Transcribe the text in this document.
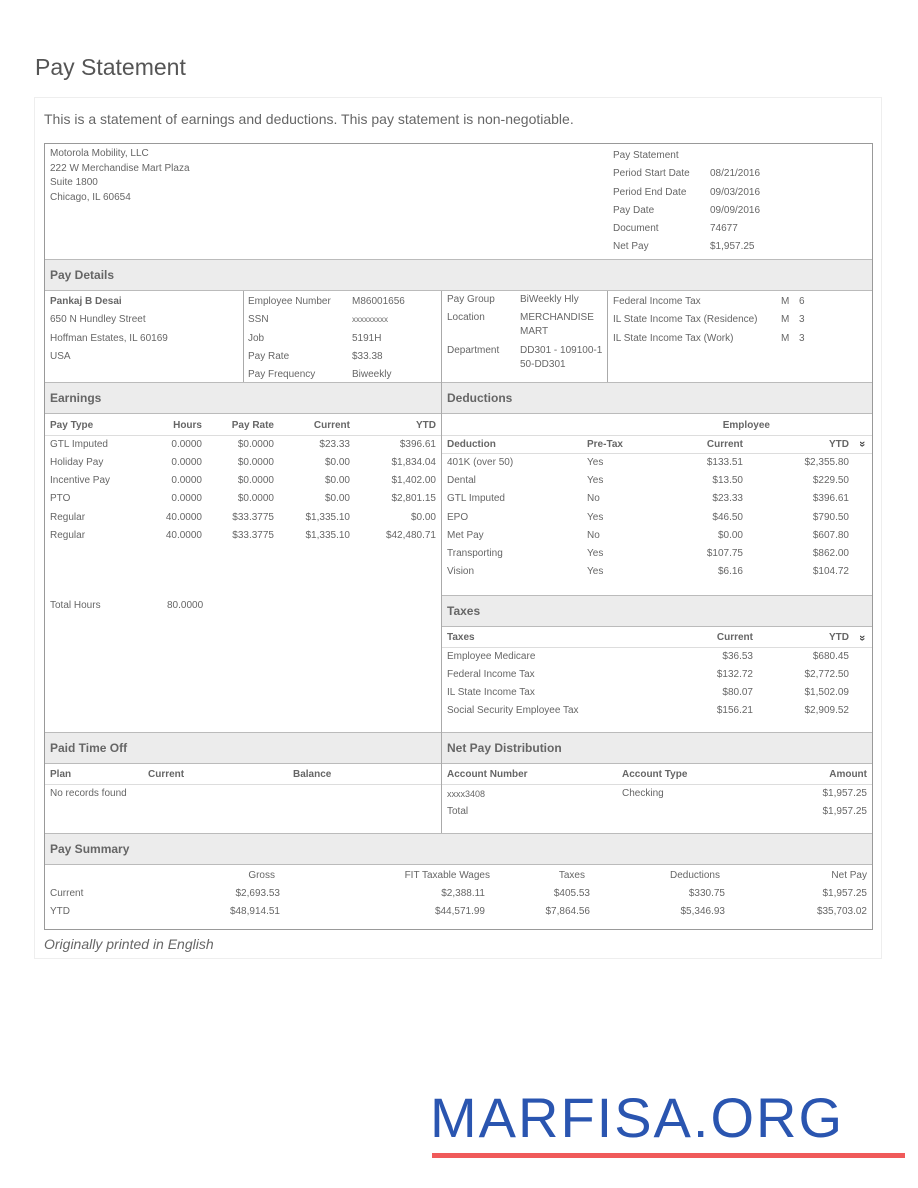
Pay Statement
This is a statement of earnings and deductions. This pay statement is non-negotiable.
Motorola Mobility, LLC
222 W Merchandise Mart Plaza
Suite 1800
Chicago, IL 60654
Pay Statement
Period Start Date	08/21/2016
Period End Date	09/03/2016
Pay Date	09/09/2016
Document	74677
Net Pay	$1,957.25
Pay Details
Pankaj B Desai
650 N Hundley Street
Hoffman Estates, IL 60169
USA
Employee Number	M86001656
SSN	xxxxxxxxx
Job	5191H
Pay Rate	$33.38
Pay Frequency	Biweekly
Pay Group	BiWeekly Hly
Location	MERCHANDISE MART
Department	DD301 - 109100-150-DD301
Federal Income Tax	M 6
IL State Income Tax (Residence)	M 3
IL State Income Tax (Work)	M 3
Earnings
Pay Type	Hours	Pay Rate	Current	YTD
GTL Imputed	0.0000	$0.0000	$23.33	$396.61
Holiday Pay	0.0000	$0.0000	$0.00	$1,834.04
Incentive Pay	0.0000	$0.0000	$0.00	$1,402.00
PTO	0.0000	$0.0000	$0.00	$2,801.15
Regular	40.0000	$33.3775	$1,335.10	$0.00
Regular	40.0000	$33.3775	$1,335.10	$42,480.71
Total Hours	80.0000
Deductions
		Employee		
Deduction	Pre-Tax	Current	YTD	»
401K (over 50)	Yes	$133.51	$2,355.80	
Dental	Yes	$13.50	$229.50	
GTL Imputed	No	$23.33	$396.61	
EPO	Yes	$46.50	$790.50	
Met Pay	No	$0.00	$607.80	
Transporting	Yes	$107.75	$862.00	
Vision	Yes	$6.16	$104.72	
Taxes
Taxes	Current	YTD	»
Employee Medicare	$36.53	$680.45	
Federal Income Tax	$132.72	$2,772.50	
IL State Income Tax	$80.07	$1,502.09	
Social Security Employee Tax	$156.21	$2,909.52	
Paid Time Off
Plan	Current	Balance
No records found
Net Pay Distribution
Account Number	Account Type	Amount
xxxx3408	Checking	$1,957.25
Total		$1,957.25
Pay Summary
	Gross	FIT Taxable Wages	Taxes	Deductions	Net Pay
Current	$2,693.53	$2,388.11	$405.53	$330.75	$1,957.25
YTD	$48,914.51	$44,571.99	$7,864.56	$5,346.93	$35,703.02
Originally printed in English
MARFISA.ORG
